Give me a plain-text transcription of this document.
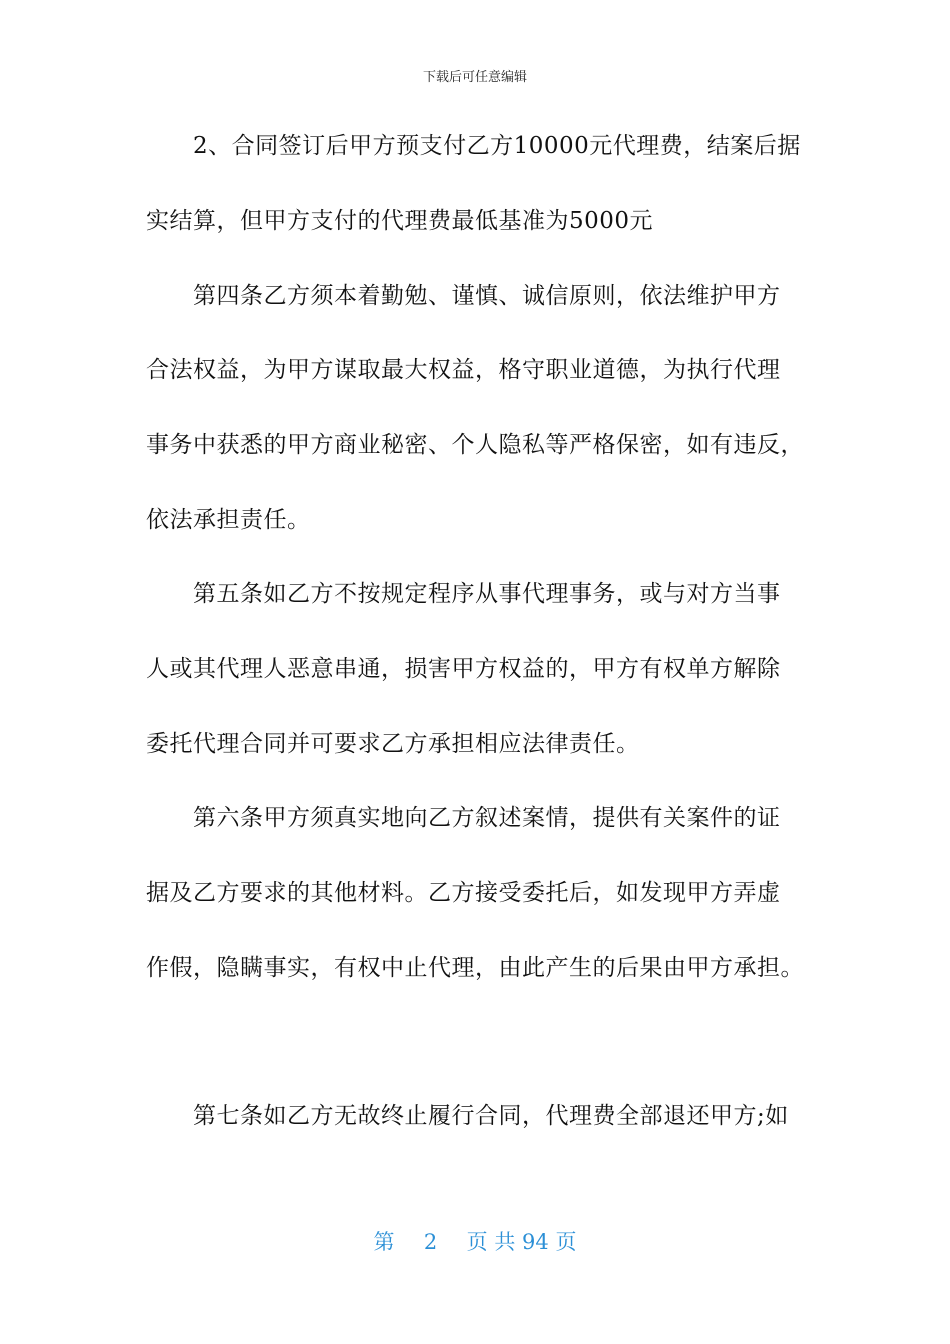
下载后可任意编辑
2、合同签订后甲方预支付乙方10000元代理费，结案后据
实结算，但甲方支付的代理费最低基准为5000元
第四条乙方须本着勤勉、谨慎、诚信原则，依法维护甲方
合法权益，为甲方谋取最大权益，格守职业道德，为执行代理
事务中获悉的甲方商业秘密、个人隐私等严格保密，如有违反，
依法承担责任。
第五条如乙方不按规定程序从事代理事务，或与对方当事
人或其代理人恶意串通，损害甲方权益的，甲方有权单方解除
委托代理合同并可要求乙方承担相应法律责任。
第六条甲方须真实地向乙方叙述案情，提供有关案件的证
据及乙方要求的其他材料。乙方接受委托后，如发现甲方弄虚
作假，隐瞒事实，有权中止代理，由此产生的后果由甲方承担。
第七条如乙方无故终止履行合同，代理费全部退还甲方;如
第 2 页 共 94 页
